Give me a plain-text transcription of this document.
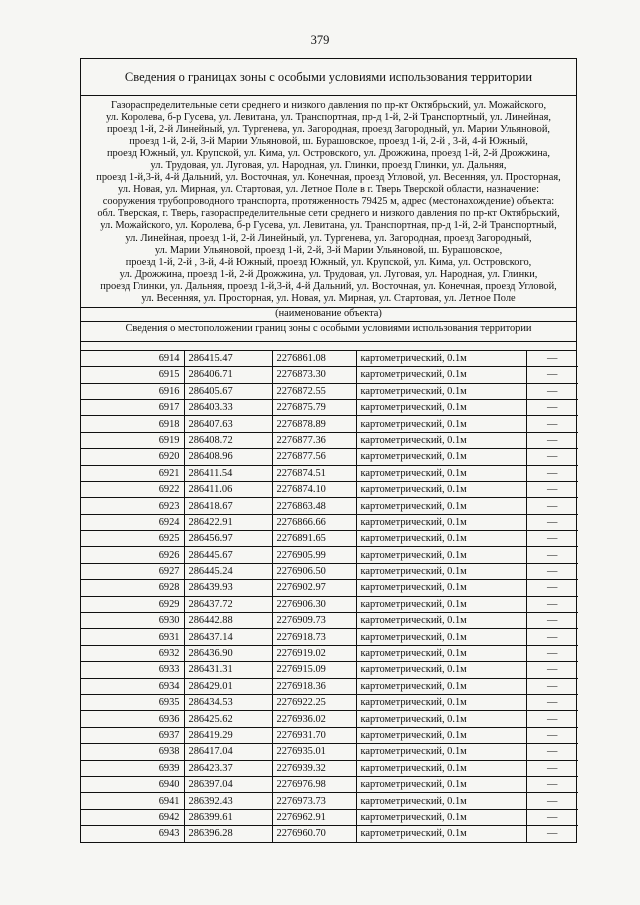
379
Сведения о границах зоны с особыми условиями использования территории
Газораспределительные сети среднего и низкого давления по пр-кт Октябрьский, ул. Можайского,
ул. Королева, б-р Гусева, ул. Левитана, ул. Транспортная, пр-д 1-й, 2-й Транспортный, ул. Линейная,
проезд 1-й, 2-й Линейный, ул. Тургенева, ул. Загородная, проезд Загородный, ул. Марии Ульяновой,
проезд 1-й, 2-й, 3-й Марии Ульяновой, ш. Бурашовское, проезд 1-й, 2-й , 3-й, 4-й Южный,
проезд Южный, ул. Крупской, ул. Кима, ул. Островского, ул. Дрожжина, проезд 1-й, 2-й Дрожжина,
ул. Трудовая, ул. Луговая, ул. Народная, ул. Глинки, проезд Глинки, ул. Дальняя,
проезд 1-й,3-й, 4-й Дальний, ул. Восточная, ул. Конечная, проезд Угловой, ул. Весенняя, ул. Просторная,
ул. Новая, ул. Мирная, ул. Стартовая, ул. Летное Поле в г. Тверь Тверской области, назначение:
сооружения трубопроводного транспорта, протяженность 79425 м, адрес (местонахождение) объекта:
обл. Тверская, г. Тверь, газораспределительные сети среднего и низкого давления по пр-кт Октябрьский,
ул. Можайского, ул. Королева, б-р Гусева, ул. Левитана, ул. Транспортная, пр-д 1-й, 2-й Транспортный,
ул. Линейная, проезд 1-й, 2-й Линейный, ул. Тургенева, ул. Загородная, проезд Загородный,
ул. Марии Ульяновой, проезд 1-й, 2-й, 3-й Марии Ульяновой, ш. Бурашовское,
проезд 1-й, 2-й , 3-й, 4-й Южный, проезд Южный, ул. Крупской, ул. Кима, ул. Островского,
ул. Дрожжина, проезд 1-й, 2-й Дрожжина, ул. Трудовая, ул. Луговая, ул. Народная, ул. Глинки,
проезд Глинки, ул. Дальняя, проезд 1-й,3-й, 4-й Дальний, ул. Восточная, ул. Конечная, проезд Угловой,
ул. Весенняя, ул. Просторная, ул. Новая, ул. Мирная, ул. Стартовая, ул. Летное Поле
(наименование объекта)
Сведения о местоположении границ зоны с особыми условиями использования территории
6914	286415.47	2276861.08	картометрический, 0.1м	—
6915	286406.71	2276873.30	картометрический, 0.1м	—
6916	286405.67	2276872.55	картометрический, 0.1м	—
6917	286403.33	2276875.79	картометрический, 0.1м	—
6918	286407.63	2276878.89	картометрический, 0.1м	—
6919	286408.72	2276877.36	картометрический, 0.1м	—
6920	286408.96	2276877.56	картометрический, 0.1м	—
6921	286411.54	2276874.51	картометрический, 0.1м	—
6922	286411.06	2276874.10	картометрический, 0.1м	—
6923	286418.67	2276863.48	картометрический, 0.1м	—
6924	286422.91	2276866.66	картометрический, 0.1м	—
6925	286456.97	2276891.65	картометрический, 0.1м	—
6926	286445.67	2276905.99	картометрический, 0.1м	—
6927	286445.24	2276906.50	картометрический, 0.1м	—
6928	286439.93	2276902.97	картометрический, 0.1м	—
6929	286437.72	2276906.30	картометрический, 0.1м	—
6930	286442.88	2276909.73	картометрический, 0.1м	—
6931	286437.14	2276918.73	картометрический, 0.1м	—
6932	286436.90	2276919.02	картометрический, 0.1м	—
6933	286431.31	2276915.09	картометрический, 0.1м	—
6934	286429.01	2276918.36	картометрический, 0.1м	—
6935	286434.53	2276922.25	картометрический, 0.1м	—
6936	286425.62	2276936.02	картометрический, 0.1м	—
6937	286419.29	2276931.70	картометрический, 0.1м	—
6938	286417.04	2276935.01	картометрический, 0.1м	—
6939	286423.37	2276939.32	картометрический, 0.1м	—
6940	286397.04	2276976.98	картометрический, 0.1м	—
6941	286392.43	2276973.73	картометрический, 0.1м	—
6942	286399.61	2276962.91	картометрический, 0.1м	—
6943	286396.28	2276960.70	картометрический, 0.1м	—
